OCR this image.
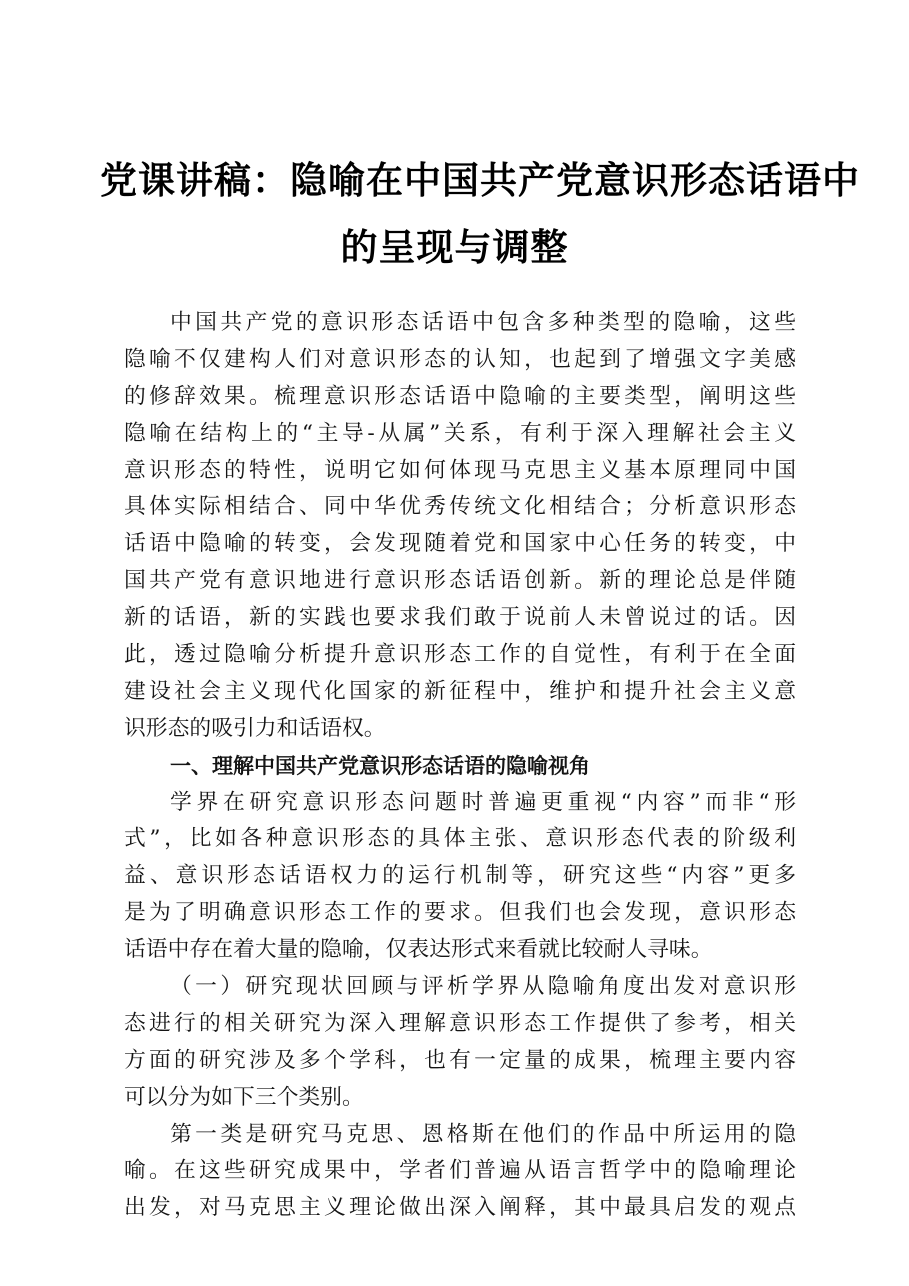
党课讲稿：隐喻在中国共产党意识形态话语中
的呈现与调整
中国共产党的意识形态话语中包含多种类型的隐喻，这些
隐喻不仅建构人们对意识形态的认知，也起到了增强文字美感
的修辞效果。梳理意识形态话语中隐喻的主要类型，阐明这些
隐喻在结构上的“主导-从属”关系，有利于深入理解社会主义
意识形态的特性，说明它如何体现马克思主义基本原理同中国
具体实际相结合、同中华优秀传统文化相结合；分析意识形态
话语中隐喻的转变，会发现随着党和国家中心任务的转变，中
国共产党有意识地进行意识形态话语创新。新的理论总是伴随
新的话语，新的实践也要求我们敢于说前人未曾说过的话。因
此，透过隐喻分析提升意识形态工作的自觉性，有利于在全面
建设社会主义现代化国家的新征程中，维护和提升社会主义意
识形态的吸引力和话语权。
一、理解中国共产党意识形态话语的隐喻视角
学界在研究意识形态问题时普遍更重视“内容”而非“形
式”，比如各种意识形态的具体主张、意识形态代表的阶级利
益、意识形态话语权力的运行机制等，研究这些“内容”更多
是为了明确意识形态工作的要求。但我们也会发现，意识形态
话语中存在着大量的隐喻，仅表达形式来看就比较耐人寻味。
（一）研究现状回顾与评析学界从隐喻角度出发对意识形
态进行的相关研究为深入理解意识形态工作提供了参考，相关
方面的研究涉及多个学科，也有一定量的成果，梳理主要内容
可以分为如下三个类别。
第一类是研究马克思、恩格斯在他们的作品中所运用的隐
喻。在这些研究成果中，学者们普遍从语言哲学中的隐喻理论
出发，对马克思主义理论做出深入阐释，其中最具启发的观点
